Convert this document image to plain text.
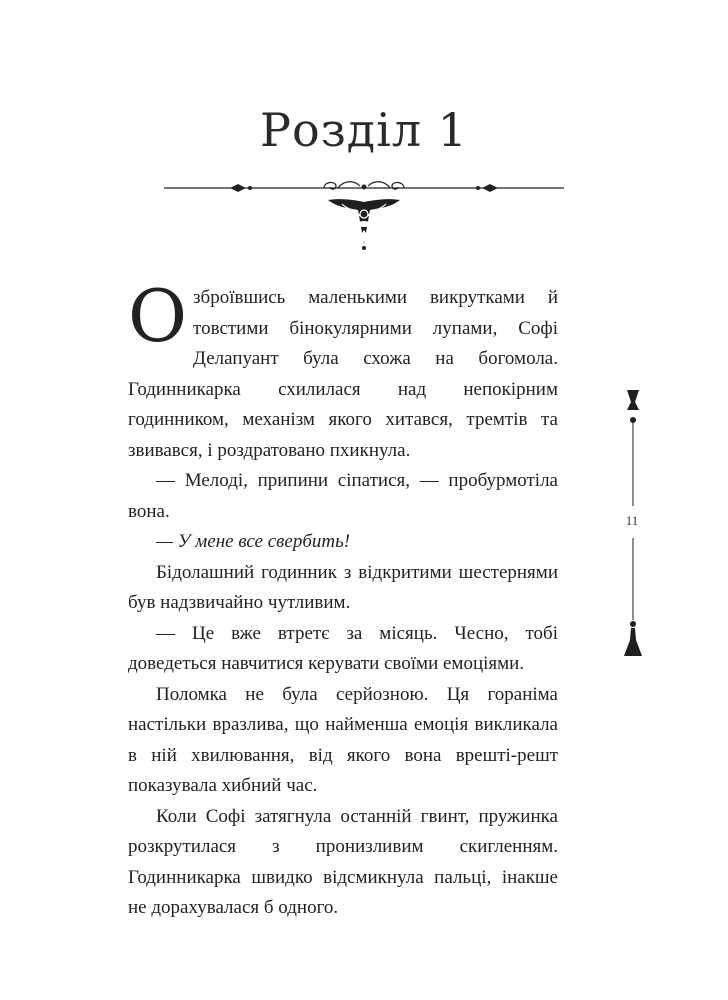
Розділ 1

Озброївшись маленькими викрутками й товстими бінокулярними лупами, Софі Делапуант була схожа на богомола. Годинникарка схилилася над непокірним годинником, механізм якого хитався, тремтів та звивався, і роздратовано пхикнула.

— Мелоді, припини сіпатися, — пробурмотіла вона.

— У мене все свербить!

Бідолашний годинник з відкритими шестернями був надзвичайно чутливим.

— Це вже втретє за місяць. Чесно, тобі доведеться навчитися керувати своїми емоціями.

Поломка не була серйозною. Ця гораніма настільки вразлива, що найменша емоція викликала в ній хвилювання, від якого вона врешті-решт показувала хибний час.

Коли Софі затягнула останній гвинт, пружинка розкрутилася з пронизливим скигленням. Годинникарка швидко відсмикнула пальці, інакше не дорахувалася б одного.

11
